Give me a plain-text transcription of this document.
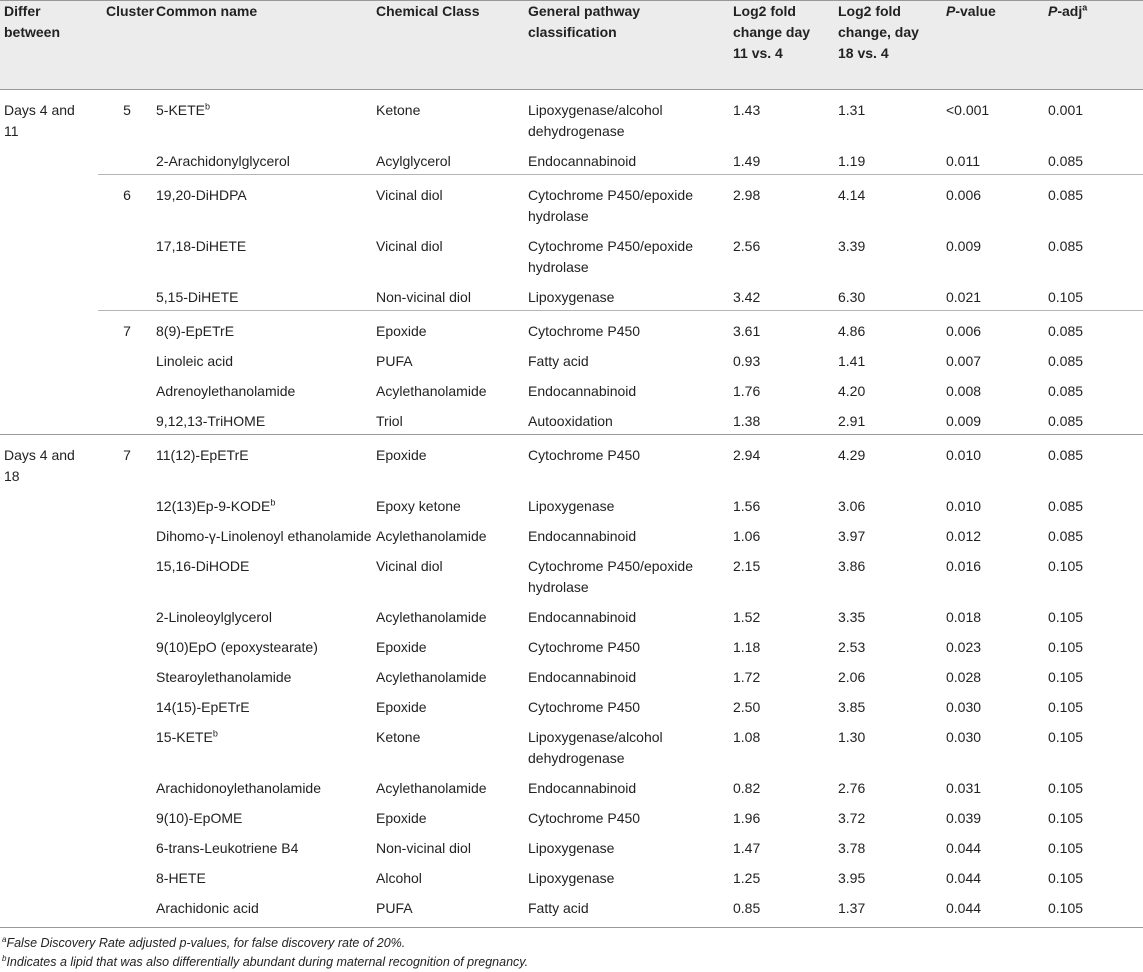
Differ between	Cluster	Common name	Chemical Class	General pathway classification	Log2 fold change day 11 vs. 4	Log2 fold change, day 18 vs. 4	P-value	P-adj$^a$
Days 4 and 11	5	5-KETE$^b$	Ketone	Lipoxygenase/alcohol dehydrogenase	1.43	1.31	<0.001	0.001
		2-Arachidonylglycerol	Acylglycerol	Endocannabinoid	1.49	1.19	0.011	0.085
	6	19,20-DiHDPA	Vicinal diol	Cytochrome P450/epoxide hydrolase	2.98	4.14	0.006	0.085
		17,18-DiHETE	Vicinal diol	Cytochrome P450/epoxide hydrolase	2.56	3.39	0.009	0.085
		5,15-DiHETE	Non-vicinal diol	Lipoxygenase	3.42	6.30	0.021	0.105
	7	8(9)-EpETrE	Epoxide	Cytochrome P450	3.61	4.86	0.006	0.085
		Linoleic acid	PUFA	Fatty acid	0.93	1.41	0.007	0.085
		Adrenoylethanolamide	Acylethanolamide	Endocannabinoid	1.76	4.20	0.008	0.085
		9,12,13-TriHOME	Triol	Autooxidation	1.38	2.91	0.009	0.085
Days 4 and 18	7	11(12)-EpETrE	Epoxide	Cytochrome P450	2.94	4.29	0.010	0.085
		12(13)Ep-9-KODE$^b$	Epoxy ketone	Lipoxygenase	1.56	3.06	0.010	0.085
		Dihomo-γ-Linolenoyl ethanolamide	Acylethanolamide	Endocannabinoid	1.06	3.97	0.012	0.085
		15,16-DiHODE	Vicinal diol	Cytochrome P450/epoxide hydrolase	2.15	3.86	0.016	0.105
		2-Linoleoylglycerol	Acylethanolamide	Endocannabinoid	1.52	3.35	0.018	0.105
		9(10)EpO (epoxystearate)	Epoxide	Cytochrome P450	1.18	2.53	0.023	0.105
		Stearoylethanolamide	Acylethanolamide	Endocannabinoid	1.72	2.06	0.028	0.105
		14(15)-EpETrE	Epoxide	Cytochrome P450	2.50	3.85	0.030	0.105
		15-KETE$^b$	Ketone	Lipoxygenase/alcohol dehydrogenase	1.08	1.30	0.030	0.105
		Arachidonoylethanolamide	Acylethanolamide	Endocannabinoid	0.82	2.76	0.031	0.105
		9(10)-EpOME	Epoxide	Cytochrome P450	1.96	3.72	0.039	0.105
		6-trans-Leukotriene B4	Non-vicinal diol	Lipoxygenase	1.47	3.78	0.044	0.105
		8-HETE	Alcohol	Lipoxygenase	1.25	3.95	0.044	0.105
		Arachidonic acid	PUFA	Fatty acid	0.85	1.37	0.044	0.105
$^a$False Discovery Rate adjusted p-values, for false discovery rate of 20%.
$^b$Indicates a lipid that was also differentially abundant during maternal recognition of pregnancy.
